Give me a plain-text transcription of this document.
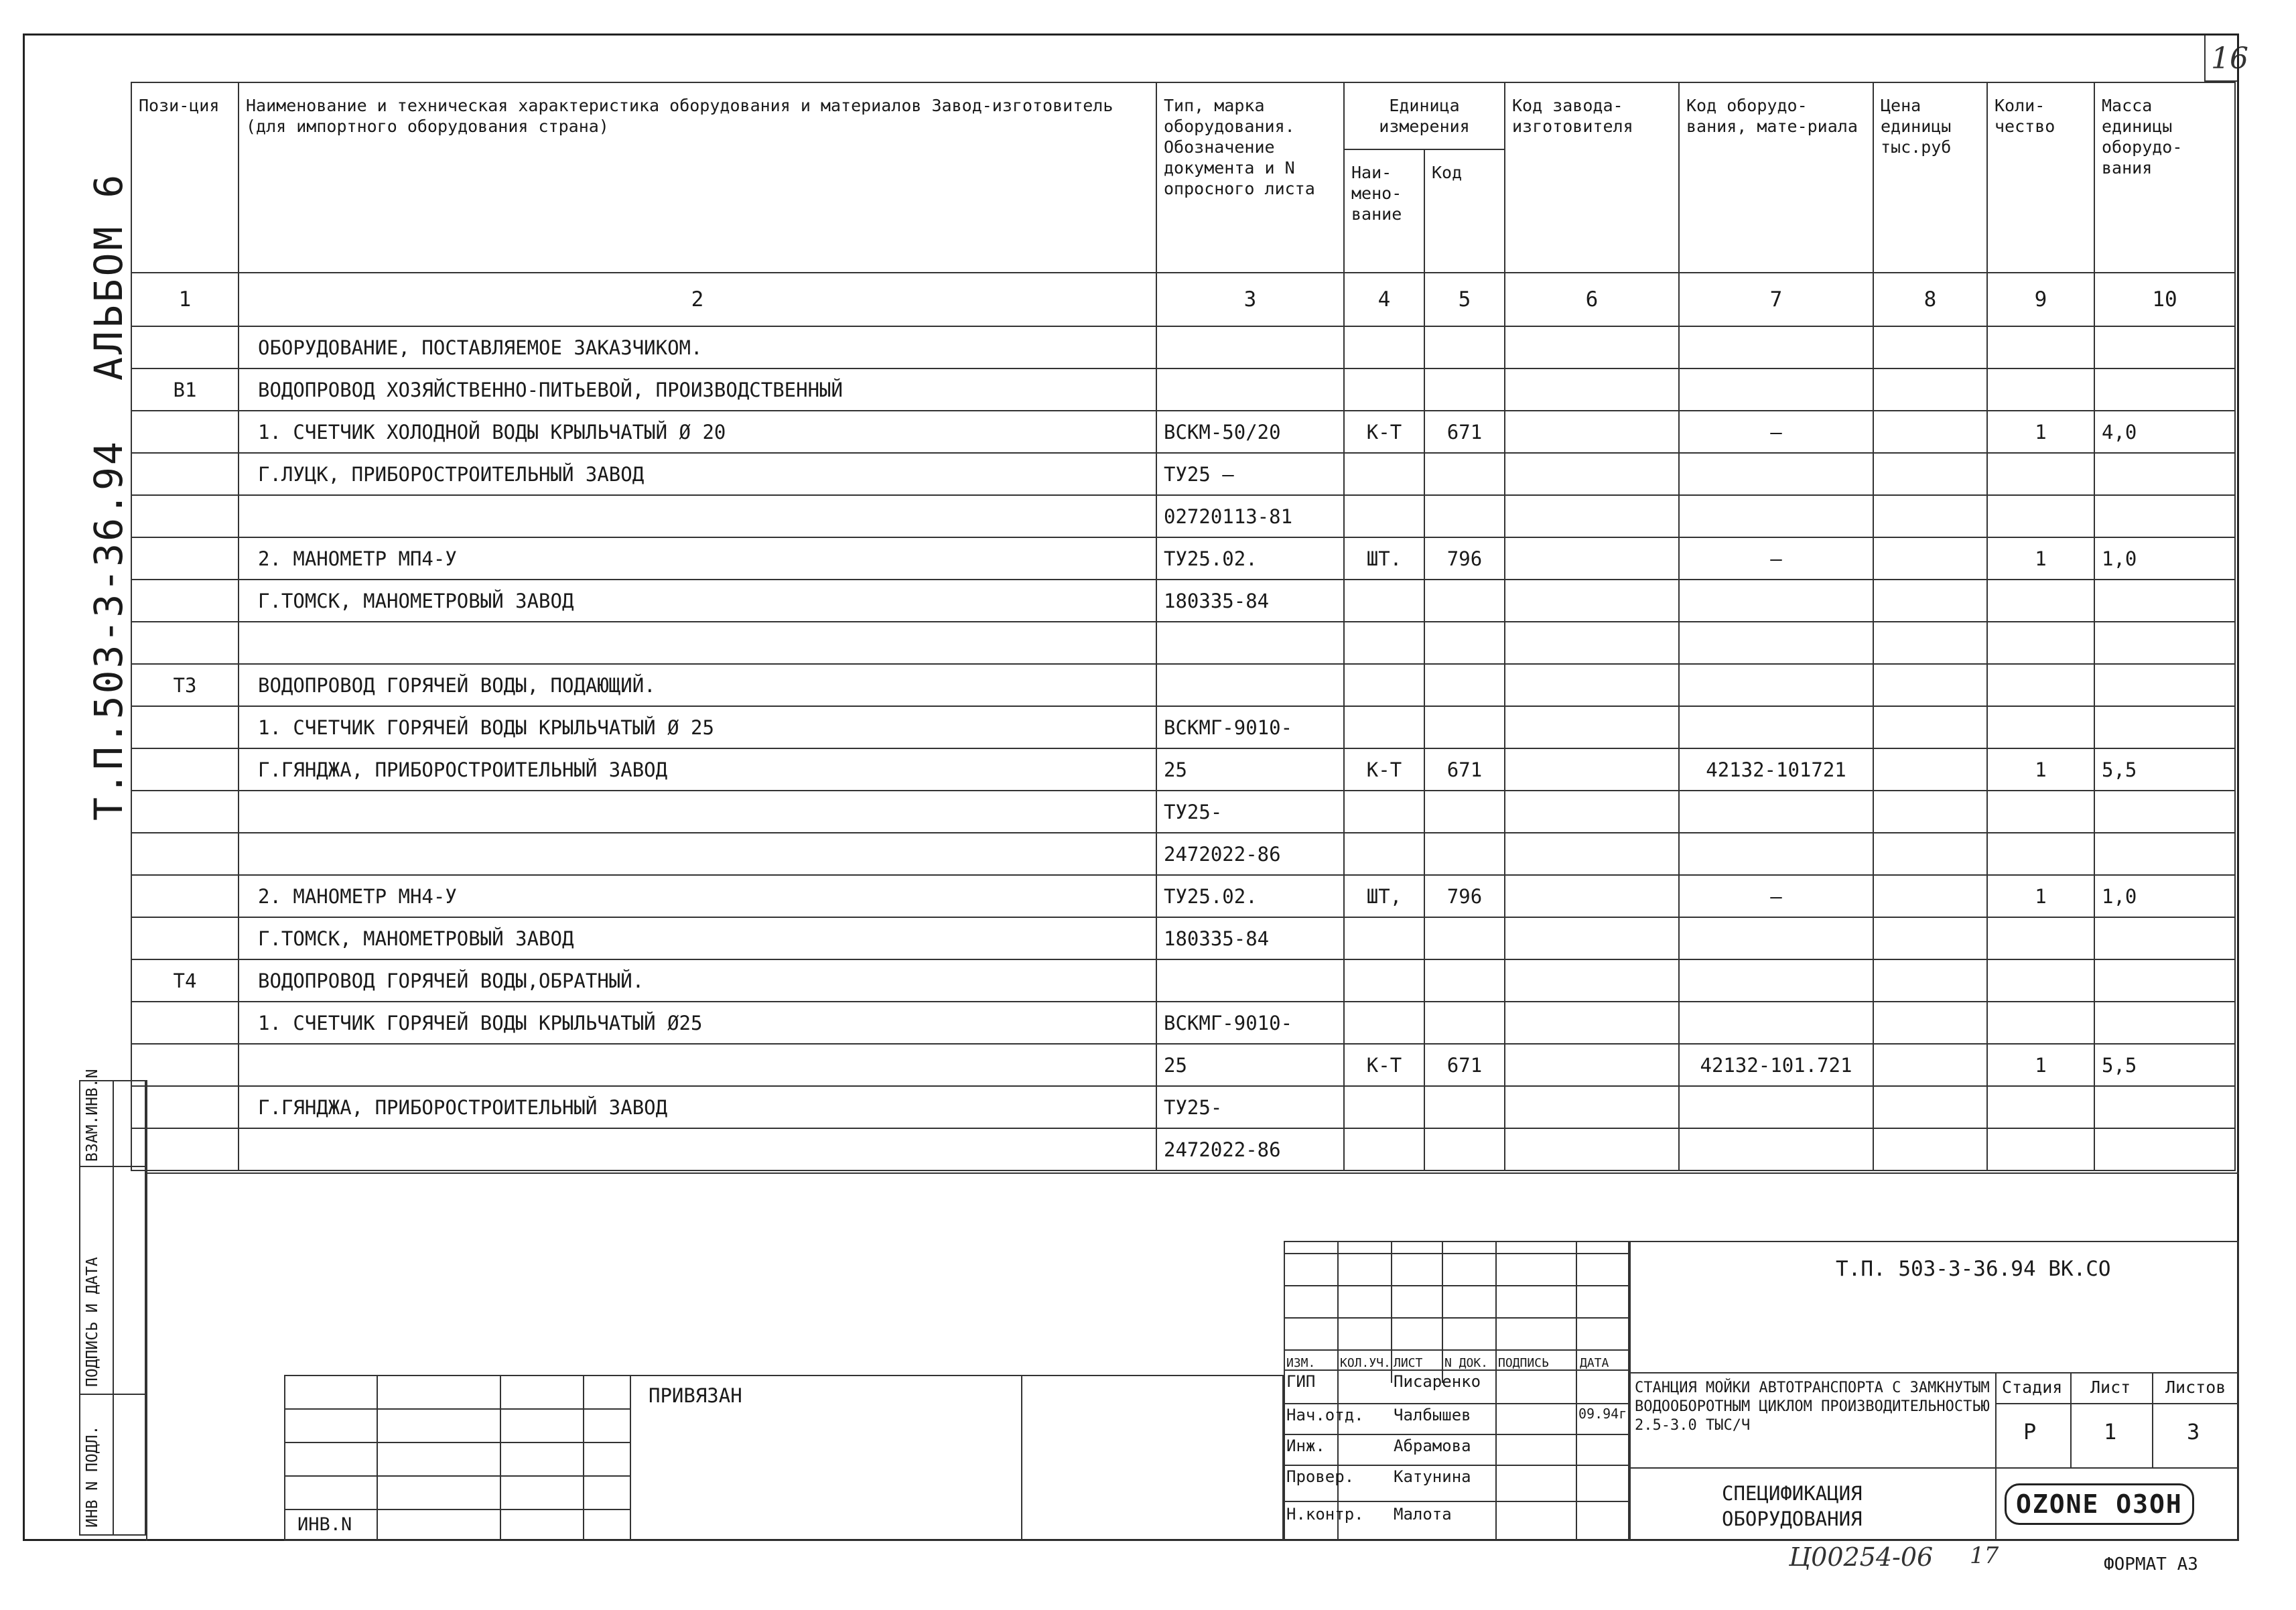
16
АЛЬБОМ 6
Т.П.503-3-36.94
ИНВ N ПОДЛ.
ПОДПИСЬ И ДАТА
ВЗАМ.ИНВ.N
Пози-ция	Наименование и техническая характеристика оборудования и материалов Завод-изготовитель (для импортного оборудования страна)	Тип, марка оборудования. Обозначение документа и N опросного листа	Единица измерения		Код завода-изготовителя	Код оборудо-вания, мате-риала	Цена единицы тыс.руб	Коли-чество	Масса единицы оборудо-вания
			Наи-мено-вание	Код					
1	2	3	4	5	6	7	8	9	10
	ОБОРУДОВАНИЕ, ПОСТАВЛЯЕМОЕ ЗАКАЗЧИКОМ.								
В1	ВОДОПРОВОД ХОЗЯЙСТВЕННО-ПИТЬЕВОЙ, ПРОИЗВОДСТВЕННЫЙ								
	1. СЧЕТЧИК ХОЛОДНОЙ ВОДЫ КРЫЛЬЧАТЫЙ Ø 20	ВСКМ-50/20	К-Т	671		–		1	4,0
	Г.ЛУЦК, ПРИБОРОСТРОИТЕЛЬНЫЙ ЗАВОД	ТУ25 –							
		02720113-81							
	2. МАНОМЕТР МП4-У	ТУ25.02.	ШТ.	796		–		1	1,0
	Г.ТОМСК, МАНОМЕТРОВЫЙ ЗАВОД	180335-84							

Т3	ВОДОПРОВОД ГОРЯЧЕЙ ВОДЫ, ПОДАЮЩИЙ.								
	1. СЧЕТЧИК ГОРЯЧЕЙ ВОДЫ КРЫЛЬЧАТЫЙ Ø 25	ВСКМГ-9010-							
	Г.ГЯНДЖА, ПРИБОРОСТРОИТЕЛЬНЫЙ ЗАВОД	25	К-Т	671		42132-101721		1	5,5
		ТУ25-							
		2472022-86							
	2. МАНОМЕТР МН4-У	ТУ25.02.	ШТ,	796		–		1	1,0
	Г.ТОМСК, МАНОМЕТРОВЫЙ ЗАВОД	180335-84							
Т4	ВОДОПРОВОД ГОРЯЧЕЙ ВОДЫ,ОБРАТНЫЙ.								
	1. СЧЕТЧИК ГОРЯЧЕЙ ВОДЫ КРЫЛЬЧАТЫЙ Ø25	ВСКМГ-9010-							
		25	К-Т	671		42132-101.721		1	5,5
	Г.ГЯНДЖА, ПРИБОРОСТРОИТЕЛЬНЫЙ ЗАВОД	ТУ25-							
		2472022-86							
ПРИВЯЗАН
ИНВ.N
ИЗМ. КОЛ.УЧ. ЛИСТ N ДОК. ПОДПИСЬ	ДАТА
ГИП	Писаренко
Нач.отд. Чалбышев	09.94г
Инж.	Абрамова
Провер. Катунина
Н.контр. Малота
Т.П. 503-3-36.94 ВК.СО
СТАНЦИЯ МОЙКИ АВТОТРАНСПОРТА С ЗАМКНУТЫМ ВОДООБОРОТНЫМ ЦИКЛОМ ПРОИЗВОДИТЕЛЬНОСТЬЮ 2.5-3.0 ТЫС/Ч
Стадия Лист Листов
Р	1	3
СПЕЦИФИКАЦИЯ ОБОРУДОВАНИЯ	OZONE ОЗОН
Ц00254-06 17	ФОРМАТ А3
